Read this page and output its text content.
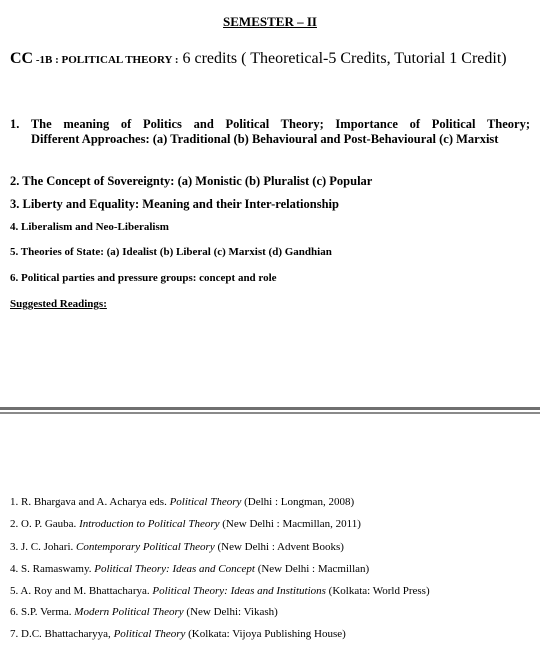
SEMESTER – II
CC -1B : POLITICAL THEORY : 6 credits ( Theoretical-5 Credits, Tutorial 1 Credit)
1. The meaning of Politics and Political Theory; Importance of Political Theory;
Different Approaches: (a) Traditional (b) Behavioural and Post-Behavioural (c) Marxist
2. The Concept of Sovereignty: (a) Monistic (b) Pluralist (c) Popular
3. Liberty and Equality: Meaning and their Inter-relationship
4. Liberalism and Neo-Liberalism
5. Theories of State: (a) Idealist (b) Liberal (c) Marxist (d) Gandhian
6. Political parties and pressure groups: concept and role
Suggested Readings:
1. R. Bhargava and A. Acharya eds. Political Theory (Delhi : Longman, 2008)
2. O. P. Gauba. Introduction to Political Theory (New Delhi : Macmillan, 2011)
3. J. C. Johari. Contemporary Political Theory (New Delhi : Advent Books)
4. S. Ramaswamy. Political Theory: Ideas and Concept (New Delhi : Macmillan)
5. A. Roy and M. Bhattacharya. Political Theory: Ideas and Institutions (Kolkata: World Press)
6. S.P. Verma. Modern Political Theory (New Delhi: Vikash)
7. D.C. Bhattacharyya, Political Theory (Kolkata: Vijoya Publishing House)
